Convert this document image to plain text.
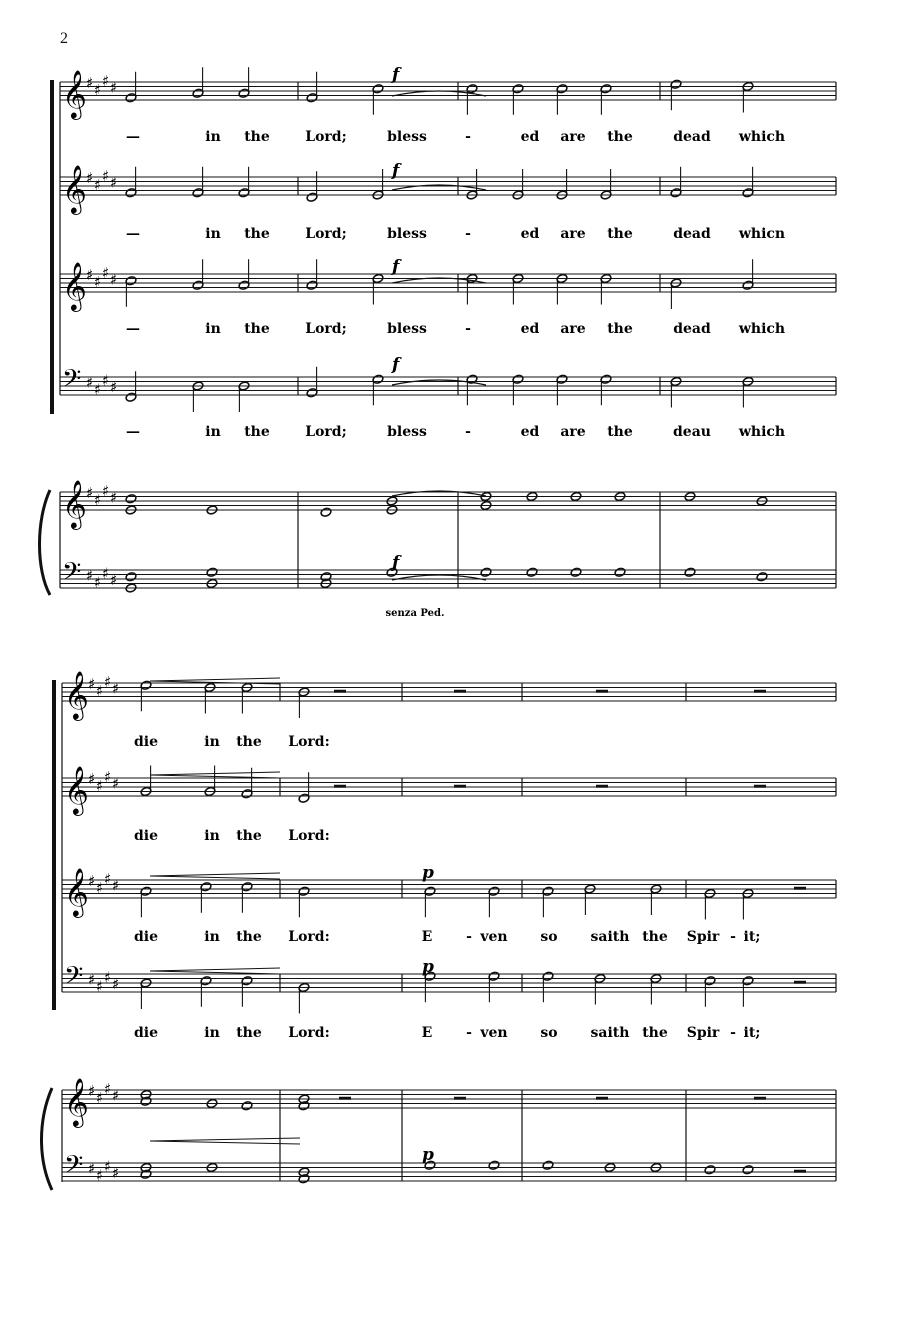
2
𝄞 ♯ ♯ ♯ ♯
𝄞 ♯ ♯ ♯ ♯
𝄞 ♯ ♯ ♯ ♯
𝄢 ♯ ♯ ♯ ♯
𝄞 ♯ ♯ ♯ ♯
𝄢 ♯ ♯ ♯ ♯
𝄞 ♯ ♯ ♯ ♯
𝄞 ♯ ♯ ♯ ♯
𝄞 ♯ ♯ ♯ ♯
𝄢 ♯ ♯ ♯ ♯
𝄞 ♯ ♯ ♯ ♯
𝄢 ♯ ♯ ♯ ♯
—	in the	Lord;	bless	-	ed are the	dead which
—	in the	Lord;	bless	-	ed are the	dead whicn
—	in the	Lord;	bless	-	ed are the	dead which
—	in the	Lord;	bless	-	ed are the	deau which
die	in the Lord:
die	in the Lord:
die	in the Lord:	E - ven so saith the Spir - it;
die	in the Lord:	E - ven so saith the Spir - it;
f
f
f
f
f
p
p
p
senza Ped.
